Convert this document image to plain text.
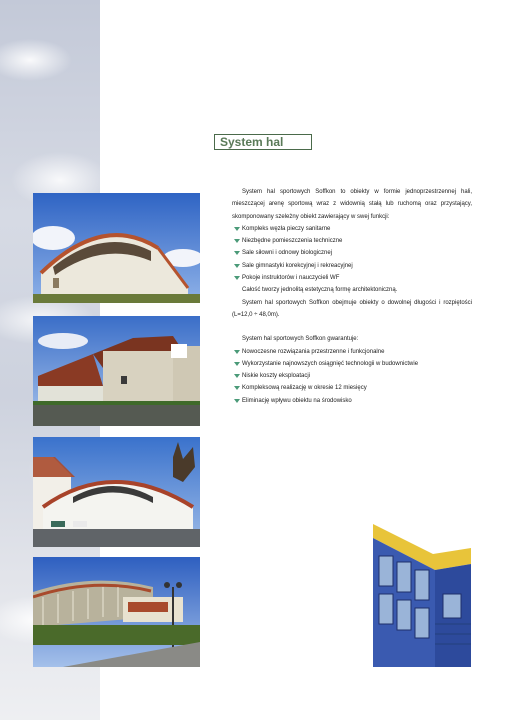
System hal

System hal sportowych Soffkon to obiekty w formie jednoprzestrzennej hali, mieszczącej arenę sportową wraz z widownią stałą lub ruchomą oraz przystający, skomponowany szeleżny obiekt zawierający w swej funkcji:

Kompleks węzła pieczy sanitarne
Niezbędne pomieszczenia techniczne
Sale siłowni i odnowy biologicznej
Sale gimnastyki korekcyjnej i rekreacyjnej
Pokoje instruktorów i nauczycieli WF

Całość tworzy jednolitą estetyczną formę architektoniczną.

System hal sportowych Soffkon obejmuje obiekty o dowolnej długości i rozpiętości (L=12,0 ÷ 48,0m).

System hal sportowych Soffkon gwarantuje:

Nowoczesne rozwiązania przestrzenne i funkcjonalne
Wykorzystanie najnowszych osiągnięć technologii w budownictwie
Niskie koszty eksploatacji
Kompleksową realizację w okresie 12 miesięcy
Eliminację wpływu obiektu na środowisko
